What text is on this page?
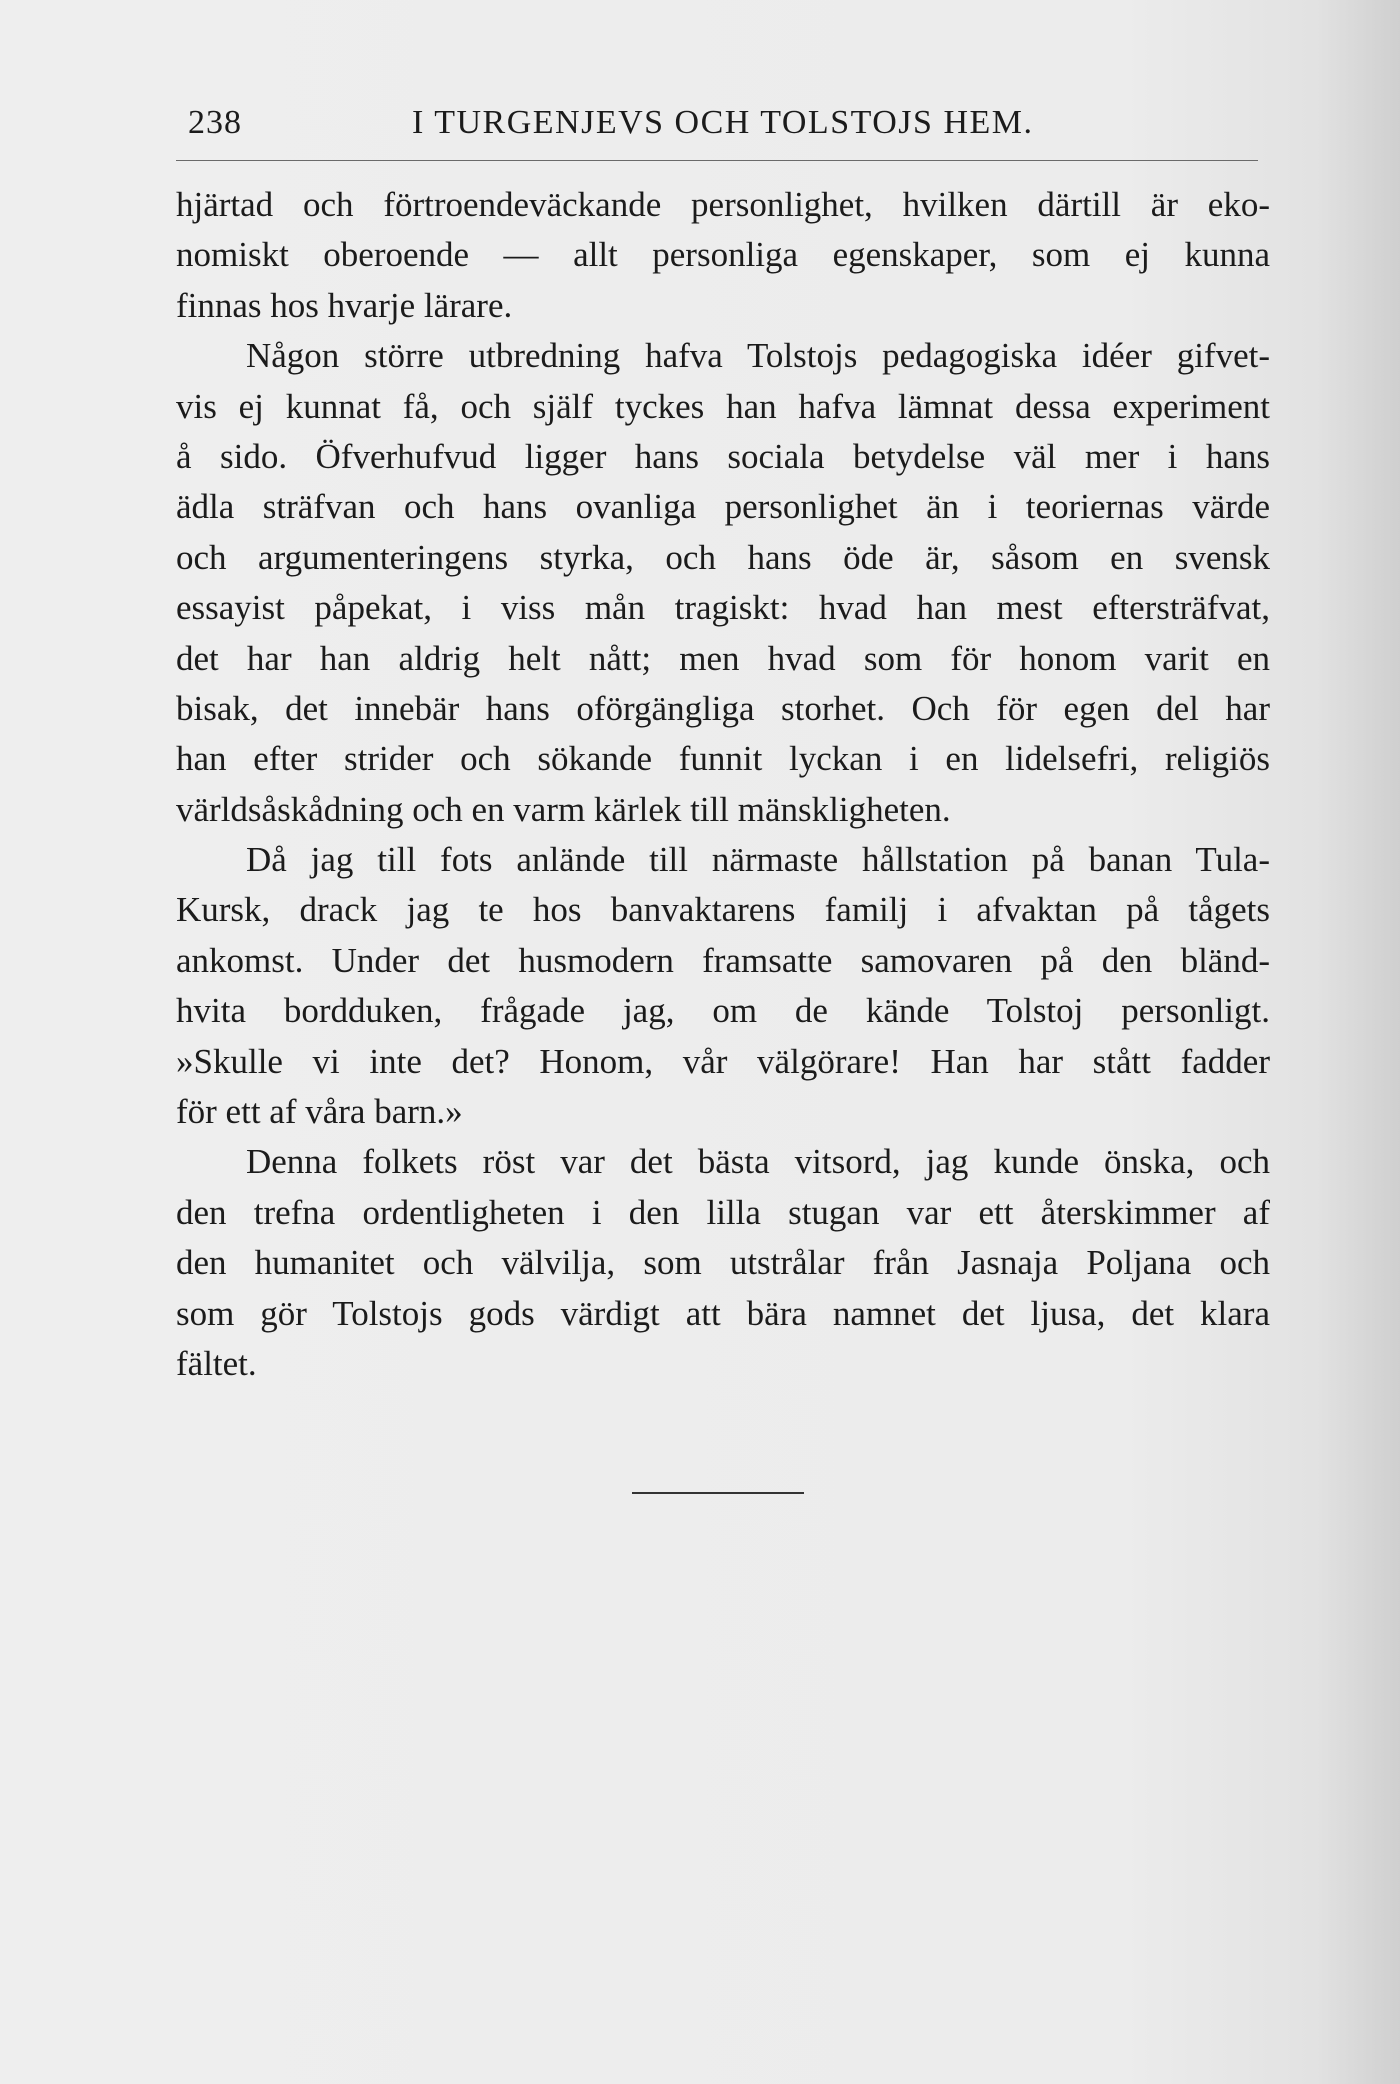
238	I TURGENJEVS OCH TOLSTOJS HEM.
hjärtad och förtroendeväckande personlighet, hvilken därtill är eko-
nomiskt oberoende — allt personliga egenskaper, som ej kunna
finnas hos hvarje lärare.
Någon större utbredning hafva Tolstojs pedagogiska idéer gifvet-
vis ej kunnat få, och själf tyckes han hafva lämnat dessa experiment
å sido. Öfverhufvud ligger hans sociala betydelse väl mer i hans
ädla sträfvan och hans ovanliga personlighet än i teoriernas värde
och argumenteringens styrka, och hans öde är, såsom en svensk
essayist påpekat, i viss mån tragiskt: hvad han mest eftersträfvat,
det har han aldrig helt nått; men hvad som för honom varit en
bisak, det innebär hans oförgängliga storhet. Och för egen del har
han efter strider och sökande funnit lyckan i en lidelsefri, religiös
världsåskådning och en varm kärlek till mänskligheten.
Då jag till fots anlände till närmaste hållstation på banan Tula-
Kursk, drack jag te hos banvaktarens familj i afvaktan på tågets
ankomst. Under det husmodern framsatte samovaren på den bländ-
hvita bordduken, frågade jag, om de kände Tolstoj personligt.
»Skulle vi inte det? Honom, vår välgörare! Han har stått fadder
för ett af våra barn.»
Denna folkets röst var det bästa vitsord, jag kunde önska, och
den trefna ordentligheten i den lilla stugan var ett återskimmer af
den humanitet och välvilja, som utstrålar från Jasnaja Poljana och
som gör Tolstojs gods värdigt att bära namnet det ljusa, det klara
fältet.
